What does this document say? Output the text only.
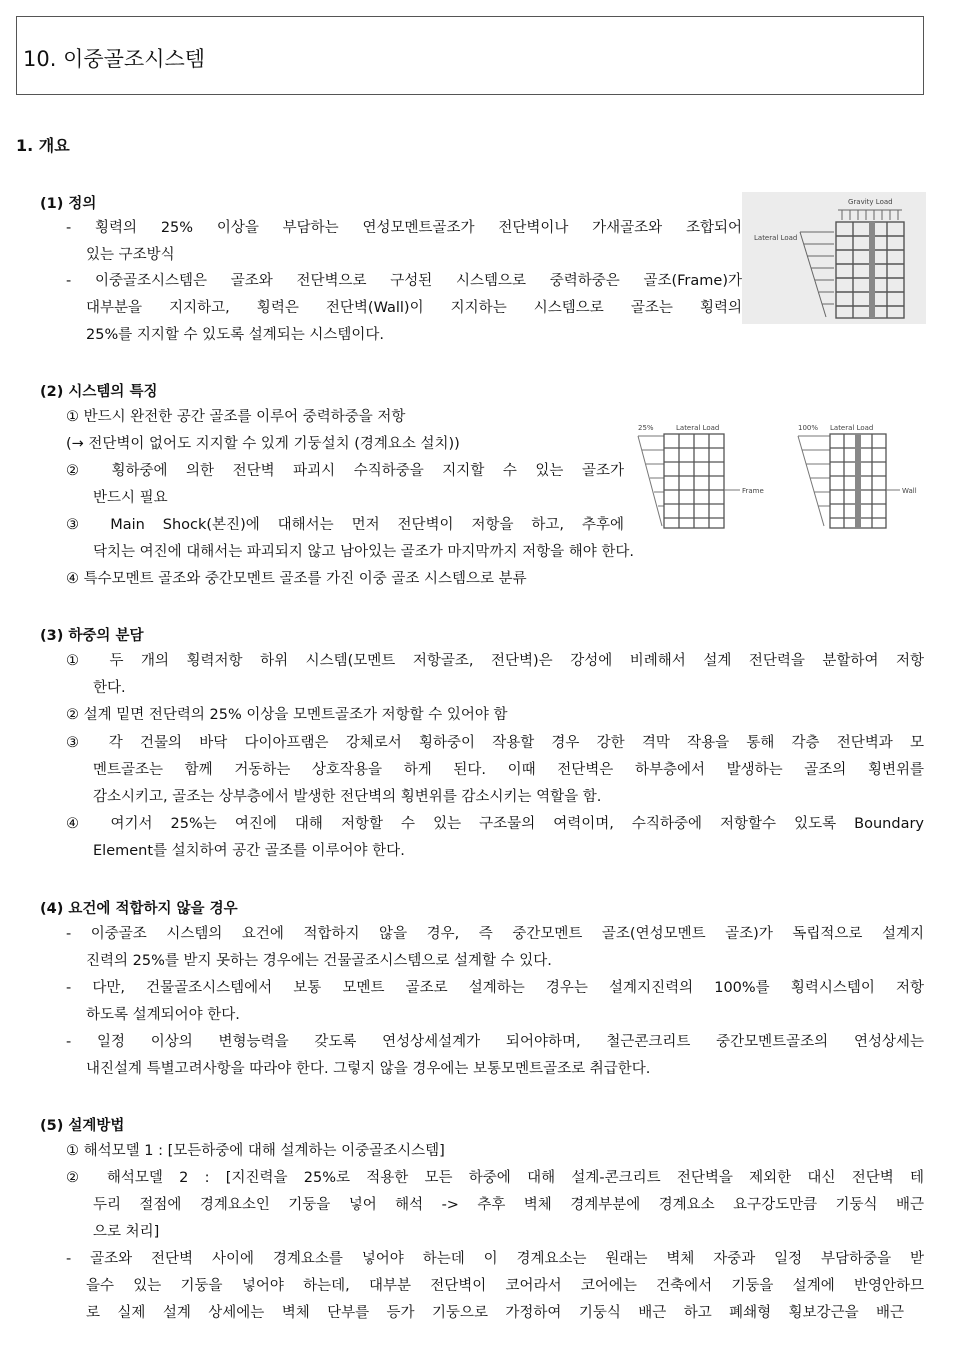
10. 이중골조시스템
1. 개요
(1) 정의
- 횡력의 25% 이상을 부담하는 연성모멘트골조가 전단벽이나 가새골조와 조합되어
있는 구조방식
- 이중골조시스템은 골조와 전단벽으로 구성된 시스템으로 중력하중은 골조(Frame)가
대부분을 지지하고, 횡력은 전단벽(Wall)이 지지하는 시스템으로 골조는 횡력의
25%를 지지할 수 있도록 설계되는 시스템이다.
Gravity Load
Lateral Load
(2) 시스템의 특징
① 반드시 완전한 공간 골조를 이루어 중력하중을 저항
(→ 전단벽이 없어도 지지할 수 있게 기둥설치 (경계요소 설치))
② 횡하중에 의한 전단벽 파괴시 수직하중을 지지할 수 있는 골조가
반드시 필요
③ Main Shock(본진)에 대해서는 먼저 전단벽이 저항을 하고, 추후에
닥치는 여진에 대해서는 파괴되지 않고 남아있는 골조가 마지막까지 저항을 해야 한다.
④ 특수모멘트 골조와 중간모멘트 골조를 가진 이중 골조 시스템으로 분류
25%	Lateral Load
Frame
100% Lateral Load
Wall
(3) 하중의 분담
① 두 개의 횡력저항 하위 시스템(모멘트 저항골조, 전단벽)은 강성에 비례해서 설계 전단력을 분할하여 저항
한다.
② 설계 밑면 전단력의 25% 이상을 모멘트골조가 저항할 수 있어야 함
③ 각 건물의 바닥 다이아프램은 강체로서 횡하중이 작용할 경우 강한 격막 작용을 통해 각층 전단벽과 모
멘트골조는 함께 거동하는 상호작용을 하게 된다. 이때 전단벽은 하부층에서 발생하는 골조의 횡변위를
감소시키고, 골조는 상부층에서 발생한 전단벽의 횡변위를 감소시키는 역할을 함.
④ 여기서 25%는 여진에 대해 저항할 수 있는 구조물의 여력이며, 수직하중에 저항할수 있도록 Boundary
Element를 설치하여 공간 골조를 이루어야 한다.
(4) 요건에 적합하지 않을 경우
- 이중골조 시스템의 요건에 적합하지 않을 경우, 즉 중간모멘트 골조(연성모멘트 골조)가 독립적으로 설계지
진력의 25%를 받지 못하는 경우에는 건물골조시스템으로 설계할 수 있다.
- 다만, 건물골조시스템에서 보통 모멘트 골조로 설계하는 경우는 설계지진력의 100%를 횡력시스템이 저항
하도록 설계되어야 한다.
- 일정 이상의 변형능력을 갖도록 연성상세설계가 되어야하며, 철근콘크리트 중간모멘트골조의 연성상세는
내진설계 특별고려사항을 따라야 한다. 그렇지 않을 경우에는 보통모멘트골조로 취급한다.
(5) 설계방법
① 해석모델 1 : [모든하중에 대해 설계하는 이중골조시스템]
② 해석모델 2 : [지진력을 25%로 적용한 모든 하중에 대해 설계-콘크리트 전단벽을 제외한 대신 전단벽 테
두리 절점에 경계요소인 기둥을 넣어 해석 -> 추후 벽체 경계부분에 경계요소 요구강도만큼 기둥식 배근
으로 처리]
- 골조와 전단벽 사이에 경계요소를 넣어야 하는데 이 경계요소는 원래는 벽체 자중과 일정 부담하중을 받
을수 있는 기둥을 넣어야 하는데, 대부분 전단벽이 코어라서 코어에는 건축에서 기둥을 설계에 반영안하므
로 실제 설계 상세에는 벽체 단부를 등가 기둥으로 가정하여 기둥식 배근 하고 폐쇄형 횡보강근을 배근
